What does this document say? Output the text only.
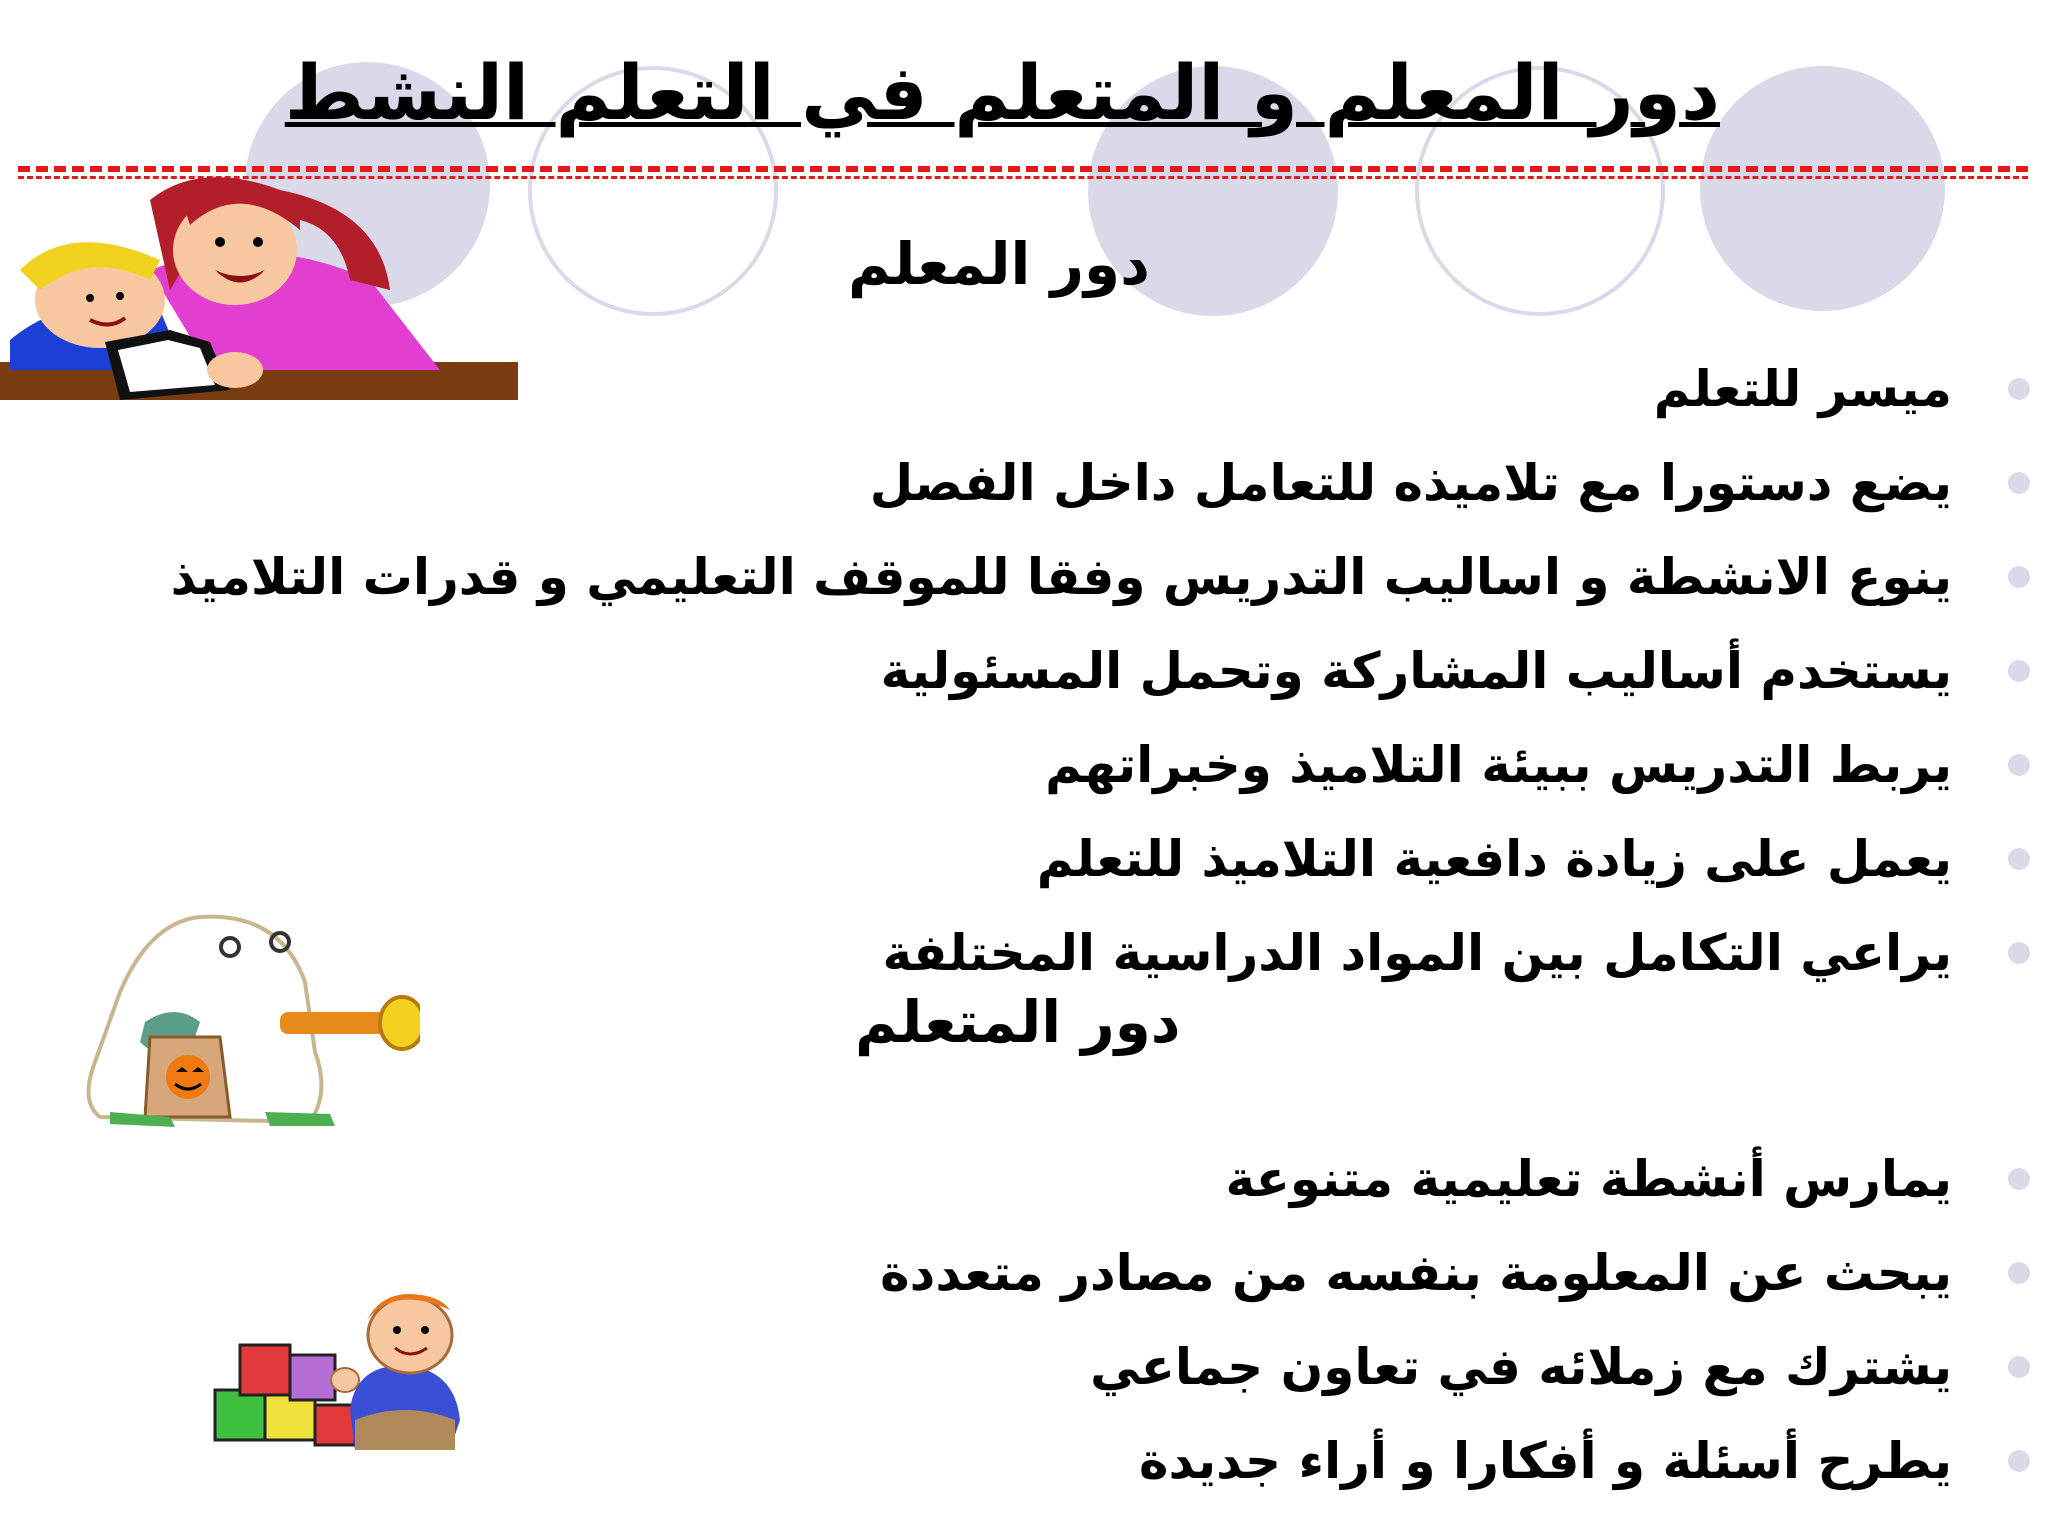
دور المعلم و المتعلم في التعلم النشط
دور المعلم
ميسر للتعلم
يضع دستورا مع تلاميذه للتعامل داخل الفصل
ينوع الانشطة و اساليب التدريس وفقا للموقف التعليمي و قدرات التلاميذ
يستخدم أساليب المشاركة وتحمل المسئولية
يربط التدريس ببيئة التلاميذ وخبراتهم
يعمل على زيادة دافعية التلاميذ للتعلم
يراعي التكامل بين المواد الدراسية المختلفة
دور المتعلم
يمارس أنشطة تعليمية متنوعة
يبحث عن المعلومة بنفسه من مصادر متعددة
يشترك مع زملائه في تعاون جماعي
يطرح أسئلة و أفكارا و أراء جديدة
